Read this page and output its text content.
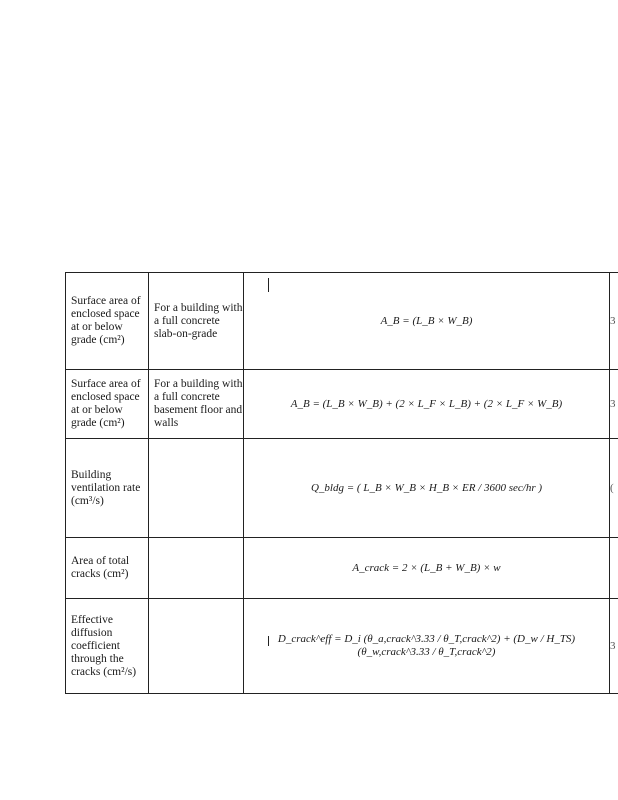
Surface area of enclosed space at or below grade (cm²)	For a building with a full concrete slab-on-grade	A_B = (L_B × W_B)	3
Surface area of enclosed space at or below grade (cm²)	For a building with a full concrete basement floor and walls	A_B = (L_B × W_B) + (2 × L_F × L_B) + (2 × L_F × W_B)	3
Building ventilation rate (cm³/s)		Q_bldg = ( L_B × W_B × H_B × ER / 3600 sec/hr )	(
Area of total cracks (cm²)		A_crack = 2 × (L_B + W_B) × w	
Effective diffusion coefficient through the cracks (cm²/s)		D_crack^eff = D_i (θ_a,crack^3.33 / θ_T,crack^2) + (D_w / H_TS)(θ_w,crack^3.33 / θ_T,crack^2)	3
